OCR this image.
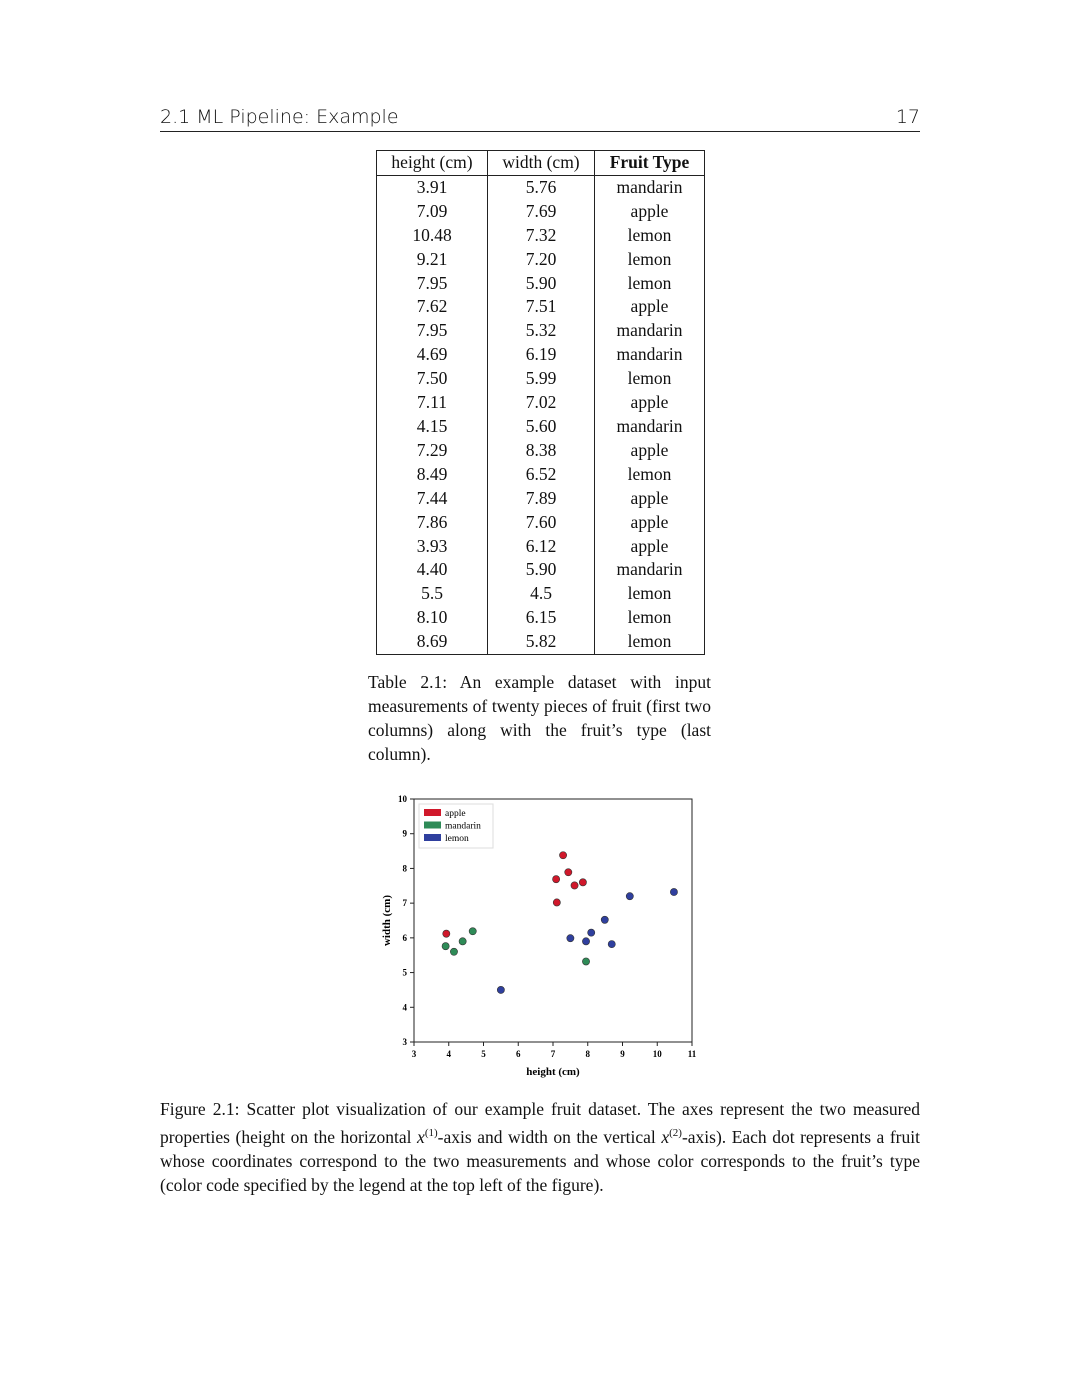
2.1 ML Pipeline: Example	17
height (cm)	width (cm)	Fruit Type
3.91	5.76	mandarin
7.09	7.69	apple
10.48	7.32	lemon
9.21	7.20	lemon
7.95	5.90	lemon
7.62	7.51	apple
7.95	5.32	mandarin
4.69	6.19	mandarin
7.50	5.99	lemon
7.11	7.02	apple
4.15	5.60	mandarin
7.29	8.38	apple
8.49	6.52	lemon
7.44	7.89	apple
7.86	7.60	apple
3.93	6.12	apple
4.40	5.90	mandarin
5.5	4.5	lemon
8.10	6.15	lemon
8.69	5.82	lemon
Table 2.1: An example dataset with input measurements of twenty pieces of fruit (first two columns) along with the fruit’s type (last column).
3	4	5	6	7	8	9	10	11
3
4
5
6
7
8
9
10
height (cm)
width (cm)
apple
mandarin
lemon
Figure 2.1: Scatter plot visualization of our example fruit dataset. The axes represent the two measured properties (height on the horizontal $x^{(1)}$-axis and width on the vertical $x^{(2)}-axis$). Each dot represents a fruit whose coordinates correspond to the two measurements and whose color corresponds to the fruit’s type (color code specified by the legend at the top left of the figure).
